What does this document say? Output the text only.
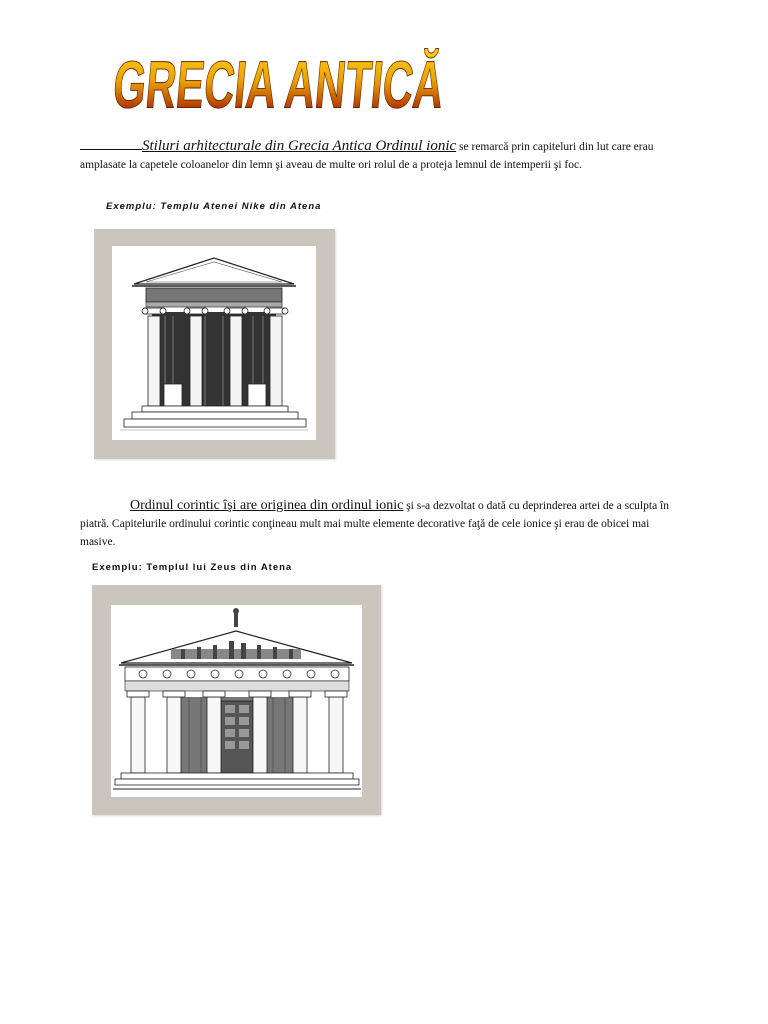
GRECIA ANTICĂ
Stiluri arhitecturale din Grecia Antica Ordinul ionic se remarcă prin capiteluri din lut care erau amplasate la capetele coloanelor din lemn şi aveau de multe ori rolul de a proteja lemnul de intemperii şi foc.
Exemplu: Templu Atenei Nike din Atena
Ordinul corintic îşi are originea din ordinul ionic şi s-a dezvoltat o dată cu deprinderea artei de a sculpta în piatră. Capitelurile ordinului corintic conţineau mult mai multe elemente decorative faţă de cele ionice şi erau de obicei mai masive.
Exemplu: Templul lui Zeus din Atena
